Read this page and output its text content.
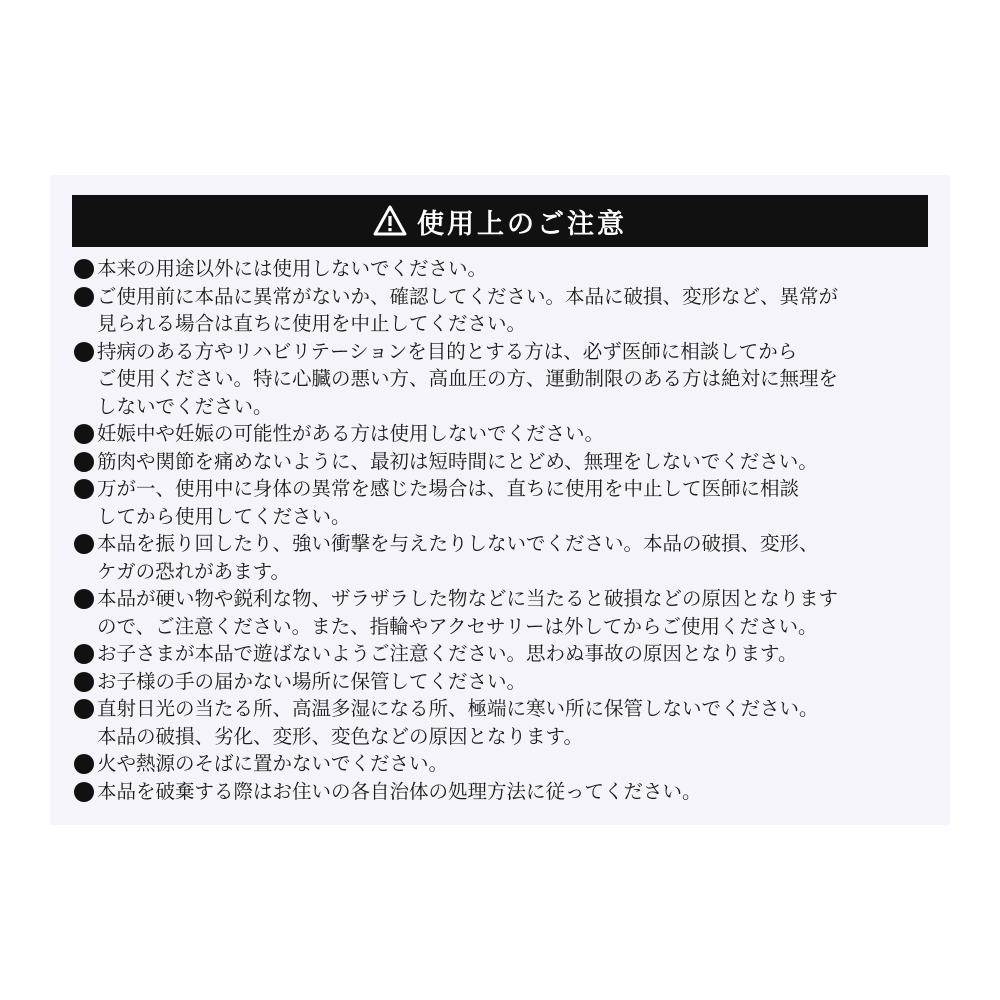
使用上のご注意
本来の用途以外には使用しないでください。
ご使用前に本品に異常がないか、確認してください。本品に破損、変形など、異常が
見られる場合は直ちに使用を中止してください。
持病のある方やリハビリテーションを目的とする方は、必ず医師に相談してから
ご使用ください。特に心臓の悪い方、高血圧の方、運動制限のある方は絶対に無理を
しないでください。
妊娠中や妊娠の可能性がある方は使用しないでください。
筋肉や関節を痛めないように、最初は短時間にとどめ、無理をしないでください。
万が一、使用中に身体の異常を感じた場合は、直ちに使用を中止して医師に相談
してから使用してください。
本品を振り回したり、強い衝撃を与えたりしないでください。本品の破損、変形、
ケガの恐れがあます。
本品が硬い物や鋭利な物、ザラザラした物などに当たると破損などの原因となります
ので、ご注意ください。また、指輪やアクセサリーは外してからご使用ください。
お子さまが本品で遊ばないようご注意ください。思わぬ事故の原因となります。
お子様の手の届かない場所に保管してください。
直射日光の当たる所、高温多湿になる所、極端に寒い所に保管しないでください。
本品の破損、劣化、変形、変色などの原因となります。
火や熱源のそばに置かないでください。
本品を破棄する際はお住いの各自治体の処理方法に従ってください。
